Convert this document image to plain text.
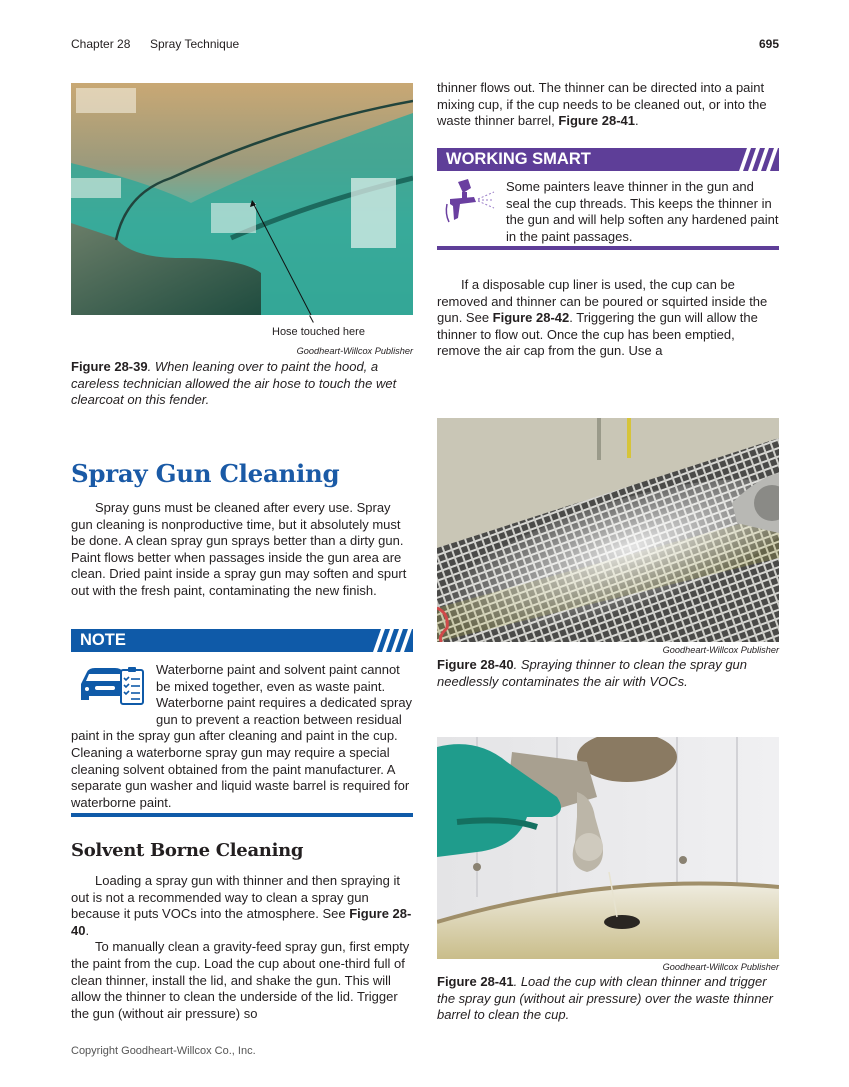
Chapter 28 Spray Technique	695
Hose touched here
Goodheart-Willcox Publisher
Figure 28-39. When leaning over to paint the hood, a careless technician allowed the air hose to touch the wet clearcoat on this fender.
Spray Gun Cleaning

Spray guns must be cleaned after every use. Spray gun cleaning is nonproductive time, but it absolutely must be done. A clean spray gun sprays better than a dirty gun. Paint flows better when passages inside the gun area are clean. Dried paint inside a spray gun may soften and spurt out with the fresh paint, contaminating the new finish.

NOTE

Waterborne paint and solvent paint cannot be mixed together, even as waste paint. Waterborne paint requires a dedicated spray gun to prevent a reaction between residual paint in the spray gun after cleaning and paint in the cup. Cleaning a waterborne spray gun may require a special cleaning solvent obtained from the paint manufacturer. A separate gun washer and liquid waste barrel is required for waterborne paint.

Solvent Borne Cleaning

Loading a spray gun with thinner and then spraying it out is not a recommended way to clean a spray gun because it puts VOCs into the atmosphere. See Figure 28-40.

To manually clean a gravity-feed spray gun, first empty the paint from the cup. Load the cup about one-third full of clean thinner, install the lid, and shake the gun. This will allow the thinner to clean the underside of the lid. Trigger the gun (without air pressure) so

thinner flows out. The thinner can be directed into a paint mixing cup, if the cup needs to be cleaned out, or into the waste thinner barrel, Figure 28-41.

WORKING SMART
Some painters leave thinner in the gun and seal the cup threads. This keeps the thinner in the gun and will help soften any hardened paint in the paint passages.

If a disposable cup liner is used, the cup can be removed and thinner can be poured or squirted inside the gun. See Figure 28-42. Triggering the gun will allow the thinner to flow out. Once the cup has been emptied, remove the air cap from the gun. Use a

Goodheart-Willcox Publisher
Figure 28-40. Spraying thinner to clean the spray gun needlessly contaminates the air with VOCs.
Goodheart-Willcox Publisher
Figure 28-41. Load the cup with clean thinner and trigger the spray gun (without air pressure) over the waste thinner barrel to clean the cup.
Copyright Goodheart-Willcox Co., Inc.
